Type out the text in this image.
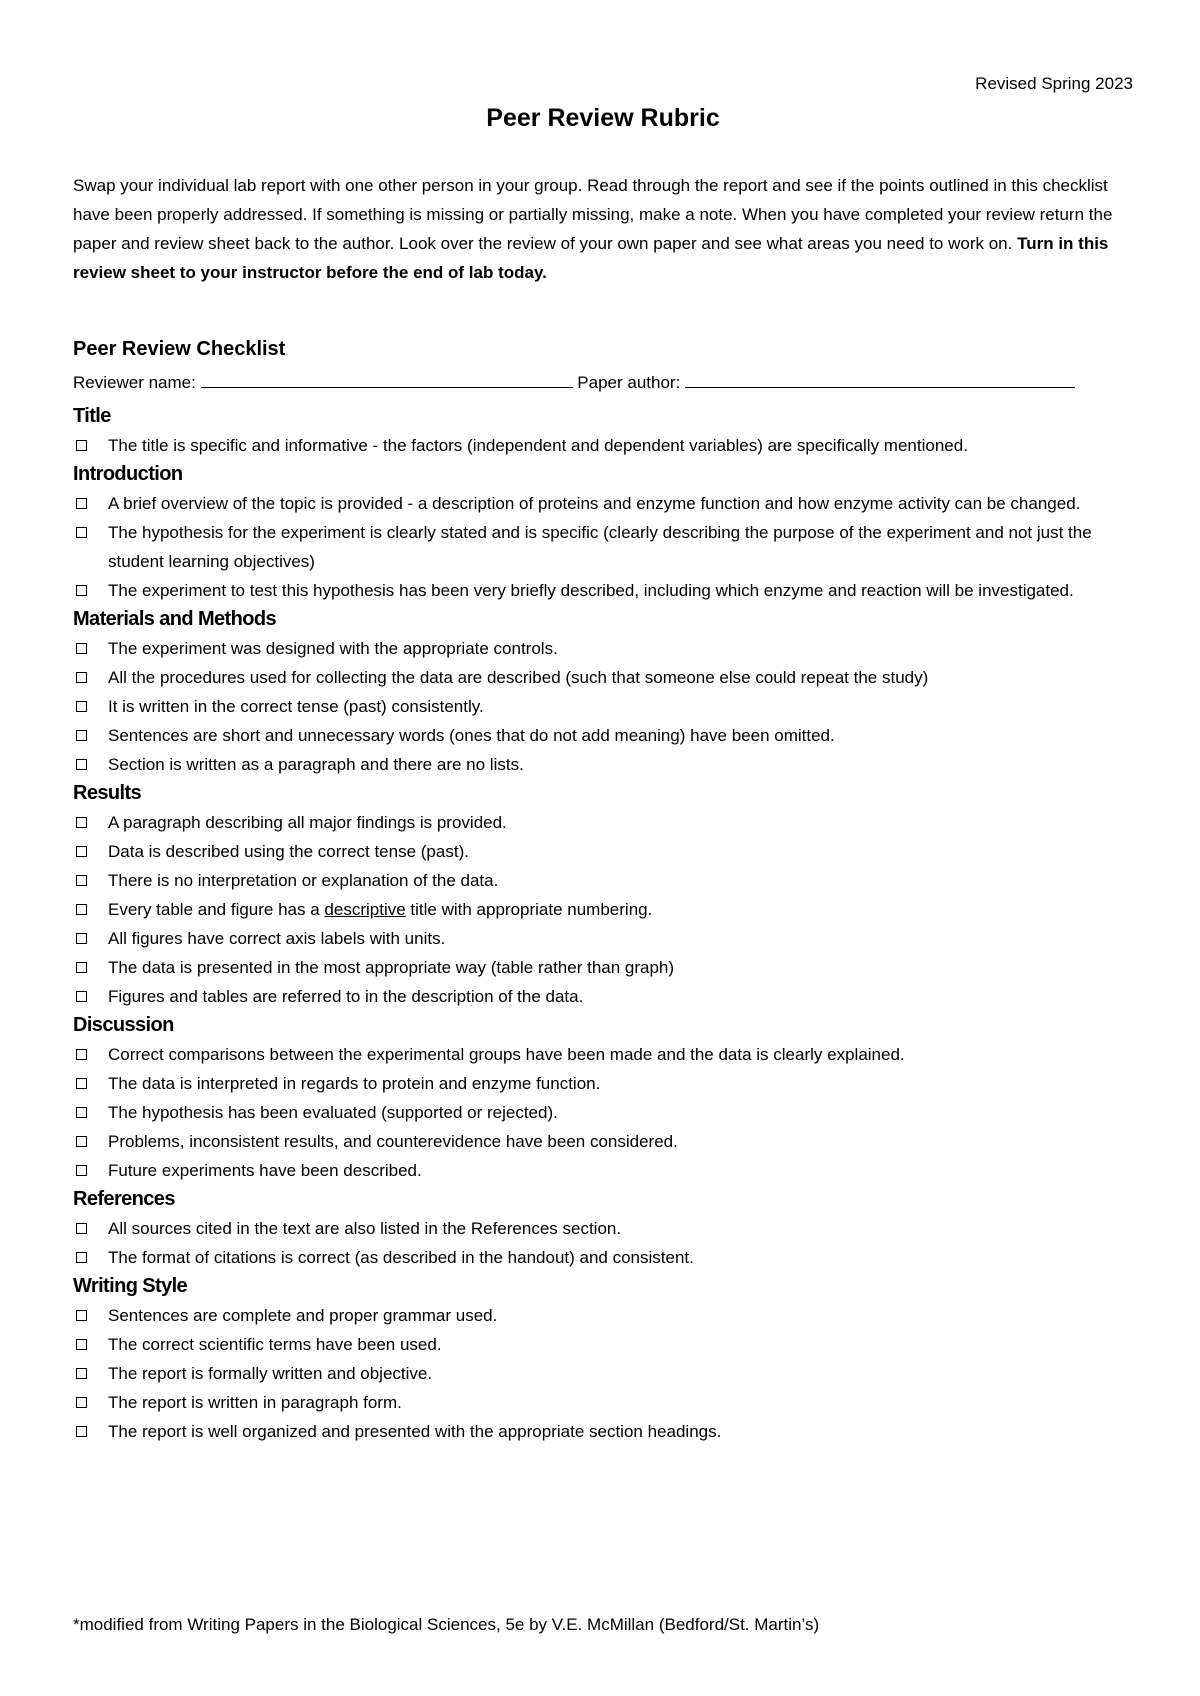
Revised Spring 2023
Peer Review Rubric
Swap your individual lab report with one other person in your group. Read through the report and see if the points outlined in this checklist have been properly addressed. If something is missing or partially missing, make a note. When you have completed your review return the paper and review sheet back to the author. Look over the review of your own paper and see what areas you need to work on. Turn in this review sheet to your instructor before the end of lab today.
Peer Review Checklist
Reviewer name:	Paper author:
Title
The title is specific and informative - the factors (independent and dependent variables) are specifically mentioned.
Introduction
A brief overview of the topic is provided - a description of proteins and enzyme function and how enzyme activity can be changed.
The hypothesis for the experiment is clearly stated and is specific (clearly describing the purpose of the experiment and not just the student learning objectives)
The experiment to test this hypothesis has been very briefly described, including which enzyme and reaction will be investigated.
Materials and Methods
The experiment was designed with the appropriate controls.
All the procedures used for collecting the data are described (such that someone else could repeat the study)
It is written in the correct tense (past) consistently.
Sentences are short and unnecessary words (ones that do not add meaning) have been omitted.
Section is written as a paragraph and there are no lists.
Results
A paragraph describing all major findings is provided.
Data is described using the correct tense (past).
There is no interpretation or explanation of the data.
Every table and figure has a descriptive title with appropriate numbering.
All figures have correct axis labels with units.
The data is presented in the most appropriate way (table rather than graph)
Figures and tables are referred to in the description of the data.
Discussion
Correct comparisons between the experimental groups have been made and the data is clearly explained.
The data is interpreted in regards to protein and enzyme function.
The hypothesis has been evaluated (supported or rejected).
Problems, inconsistent results, and counterevidence have been considered.
Future experiments have been described.
References
All sources cited in the text are also listed in the References section.
The format of citations is correct (as described in the handout) and consistent.
Writing Style
Sentences are complete and proper grammar used.
The correct scientific terms have been used.
The report is formally written and objective.
The report is written in paragraph form.
The report is well organized and presented with the appropriate section headings.
*modified from Writing Papers in the Biological Sciences, 5e by V.E. McMillan (Bedford/St. Martin’s)
